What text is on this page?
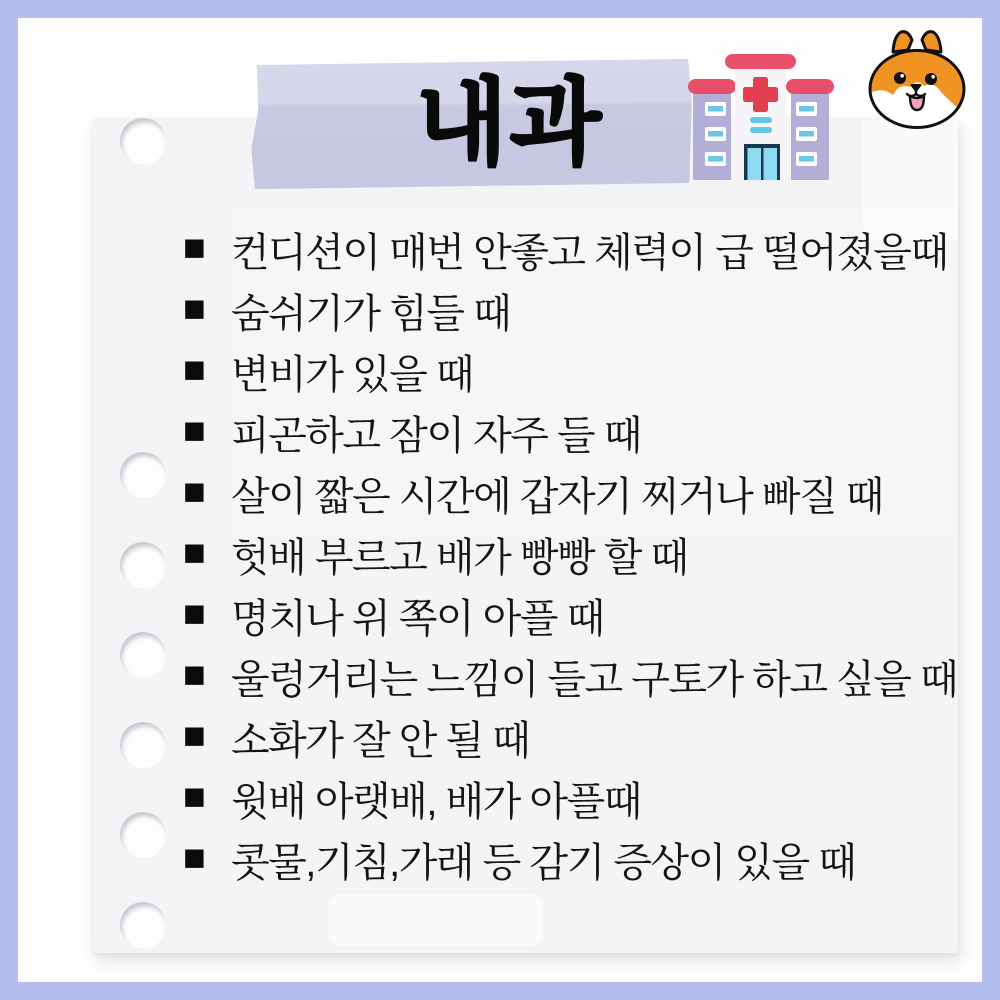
내과
■ 컨디션이 매번 안좋고 체력이 급 떨어졌을때
■ 숨쉬기가 힘들 때
■ 변비가 있을 때
■ 피곤하고 잠이 자주 들 때
■ 살이 짧은 시간에 갑자기 찌거나 빠질 때
■ 헛배 부르고 배가 빵빵 할 때
■ 명치나 위 쪽이 아플 때
■ 울렁거리는 느낌이 들고 구토가 하고 싶을 때
■ 소화가 잘 안 될 때
■ 윗배 아랫배, 배가 아플때
■ 콧물,기침,가래 등 감기 증상이 있을 때
